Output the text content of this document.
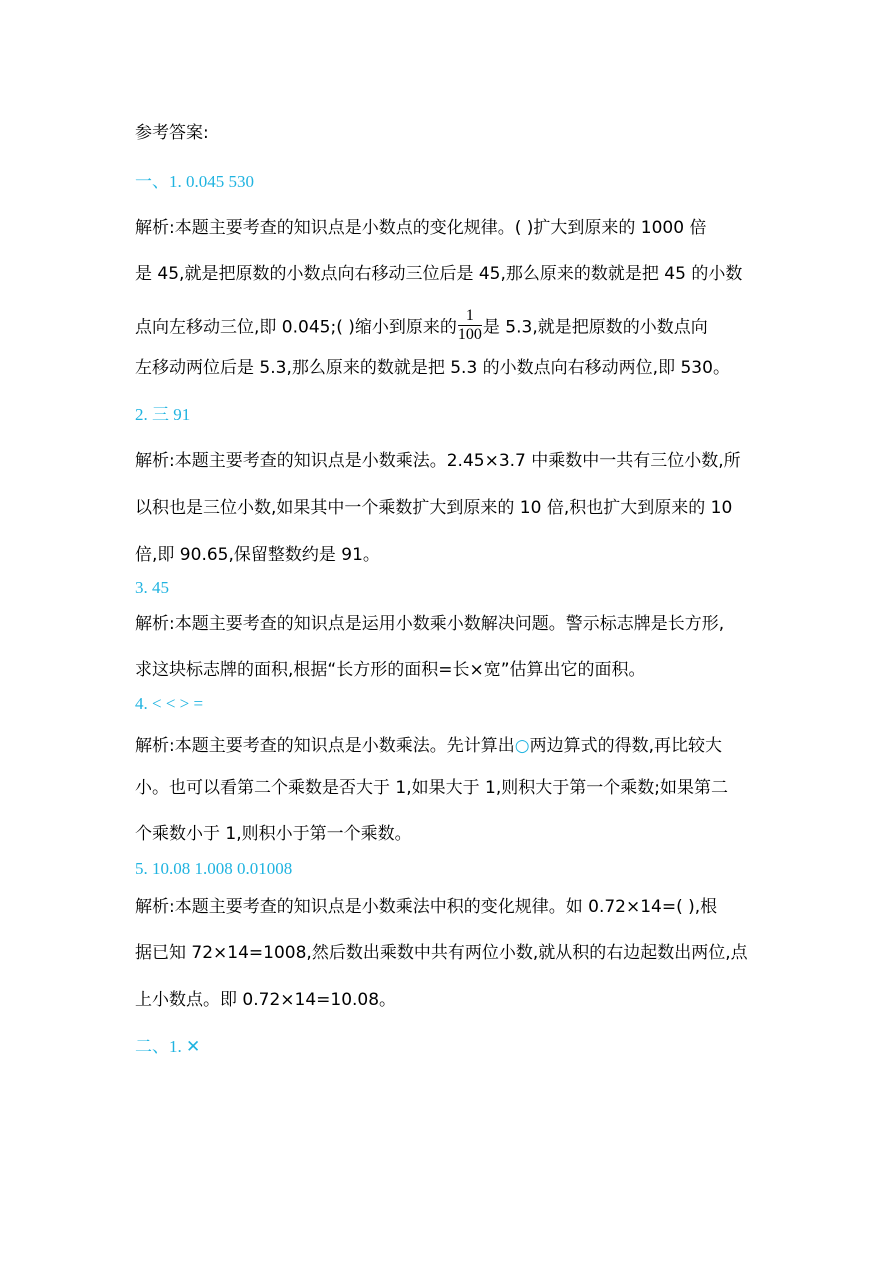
参考答案:
一、1. 0.045 530
解析:本题主要考查的知识点是小数点的变化规律。( )扩大到原来的 1000 倍
是 45,就是把原数的小数点向右移动三位后是 45,那么原来的数就是把 45 的小数
点向左移动三位,即 0.045;( )缩小到原来的 $\frac{1}{100}$ 是 5.3,就是把原数的小数点向
左移动两位后是 5.3,那么原来的数就是把 5.3 的小数点向右移动两位,即 530。
2. 三 91
解析:本题主要考查的知识点是小数乘法。2.45×3.7 中乘数中一共有三位小数,所
以积也是三位小数,如果其中一个乘数扩大到原来的 10 倍,积也扩大到原来的 10
倍,即 90.65,保留整数约是 91。
3. 45
解析:本题主要考查的知识点是运用小数乘小数解决问题。警示标志牌是长方形,
求这块标志牌的面积,根据“长方形的面积=长×宽”估算出它的面积。
4. < < > =
解析:本题主要考查的知识点是小数乘法。先计算出○两边算式的得数,再比较大
小。也可以看第二个乘数是否大于 1,如果大于 1,则积大于第一个乘数;如果第二
个乘数小于 1,则积小于第一个乘数。
5. 10.08 1.008 0.01008
解析:本题主要考查的知识点是小数乘法中积的变化规律。如 0.72×14=( ),根
据已知 72×14=1008,然后数出乘数中共有两位小数,就从积的右边起数出两位,点
上小数点。即 0.72×14=10.08。
二、1. ✕
